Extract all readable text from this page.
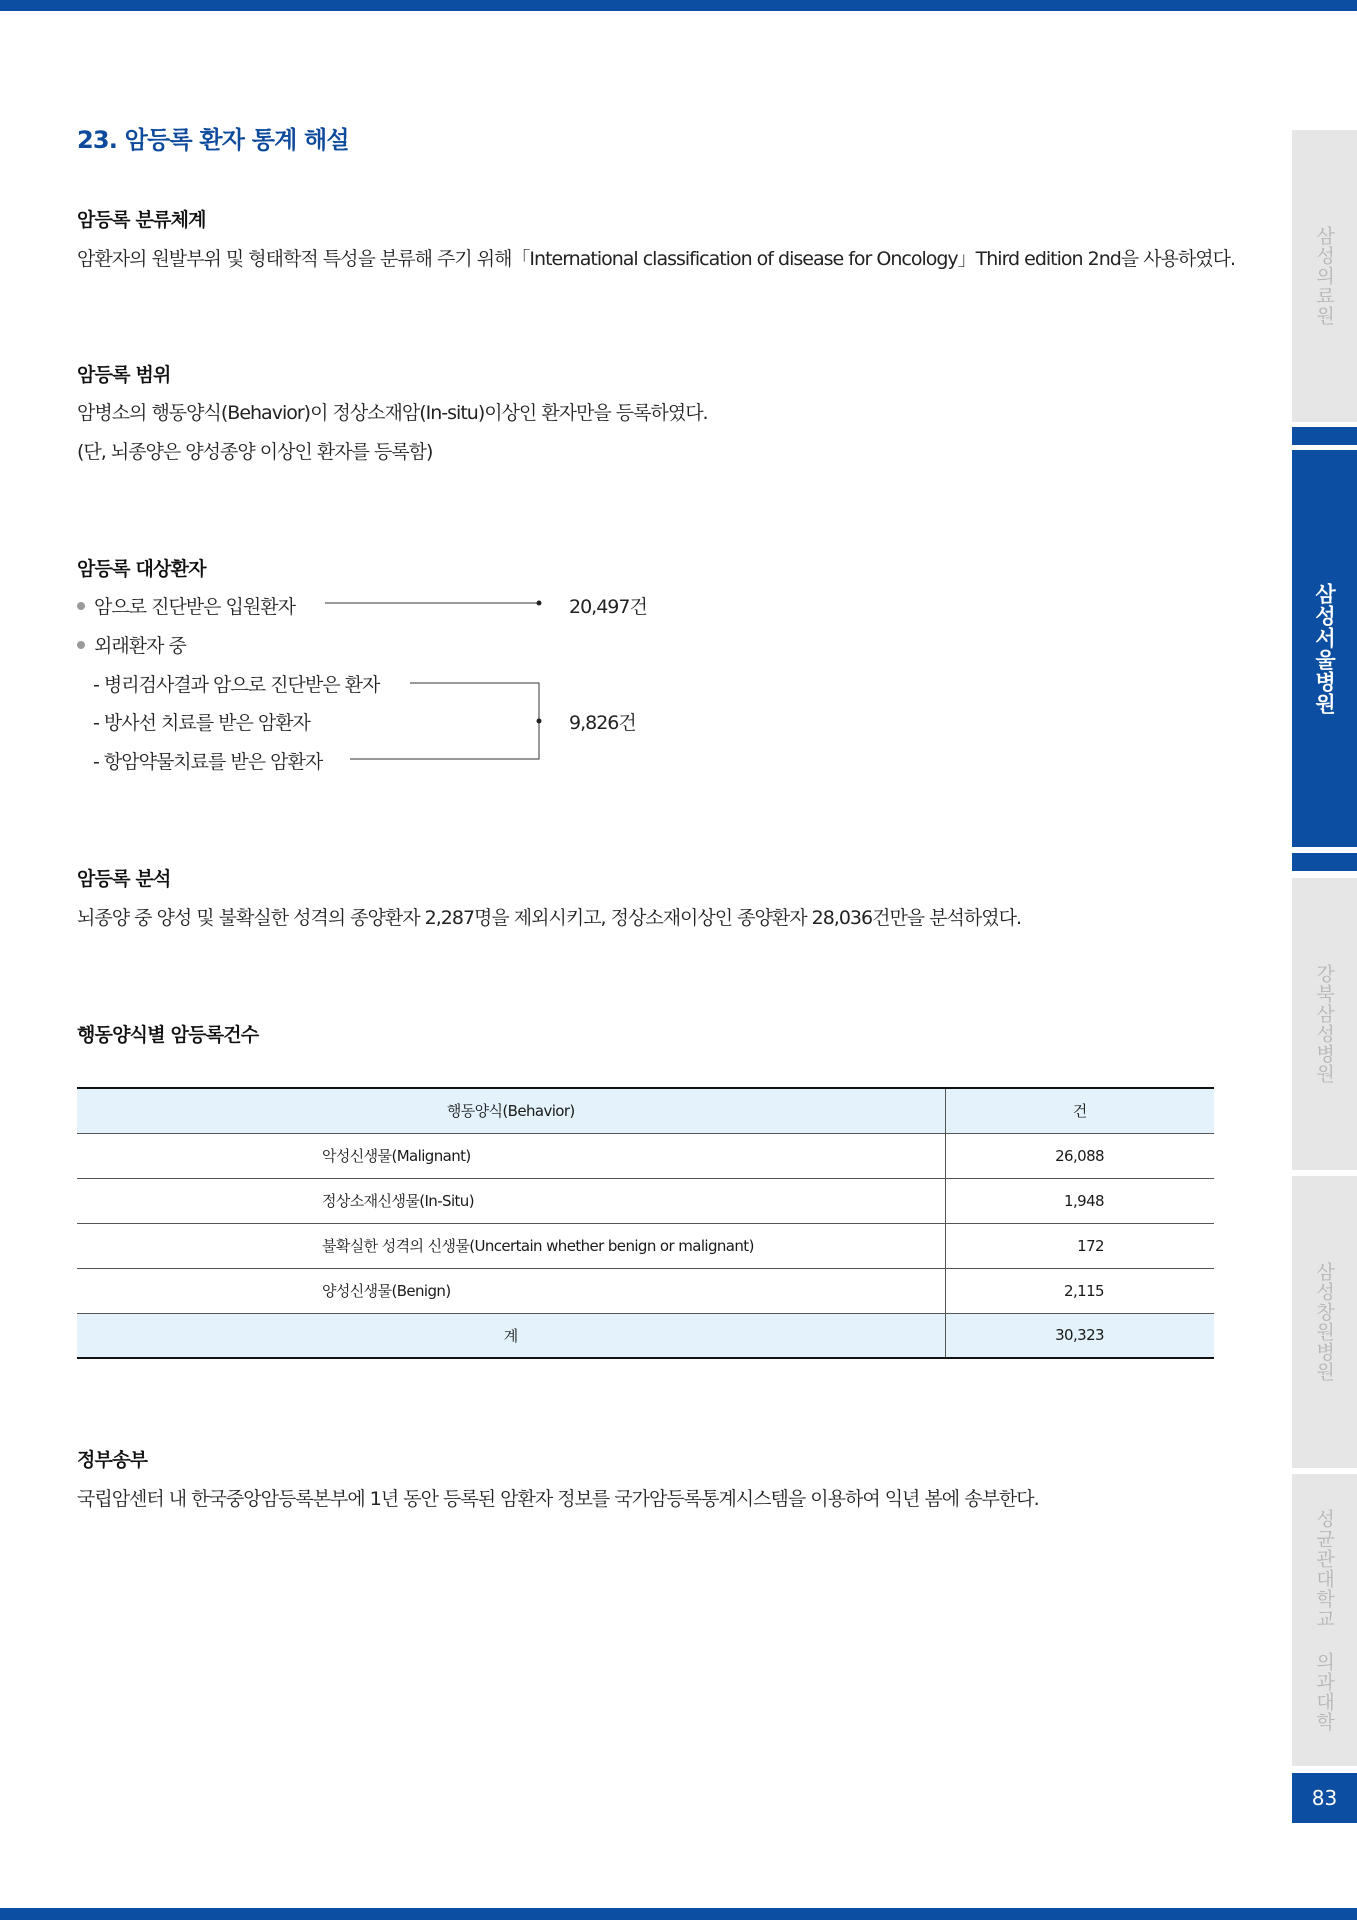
23. 암등록 환자 통계 해설
암등록 분류체계
암환자의 원발부위 및 형태학적 특성을 분류해 주기 위해「International classification of disease for Oncology」Third edition 2nd을 사용하였다.
암등록 범위
암병소의 행동양식(Behavior)이 정상소재암(In-situ)이상인 환자만을 등록하였다.
(단, 뇌종양은 양성종양 이상인 환자를 등록함)
암등록 대상환자
암으로 진단받은 입원환자	20,497건
외래환자 중
- 병리검사결과 암으로 진단받은 환자
- 방사선 치료를 받은 암환자
- 항암약물치료를 받은 암환자
9,826건
암등록 분석
뇌종양 중 양성 및 불확실한 성격의 종양환자 2,287명을 제외시키고, 정상소재이상인 종양환자 28,036건만을 분석하였다.
행동양식별 암등록건수
행동양식(Behavior)	건
악성신생물(Malignant)	26,088
정상소재신생물(In-Situ)	1,948
불확실한 성격의 신생물(Uncertain whether benign or malignant)	172
양성신생물(Benign)	2,115
계	30,323
정부송부
국립암센터 내 한국중앙암등록본부에 1년 동안 등록된 암환자 정보를 국가암등록통계시스템을 이용하여 익년 봄에 송부한다.
삼성의료원
삼성서울병원
강북삼성병원
삼성창원병원
성균관대학교 의과대학
83
